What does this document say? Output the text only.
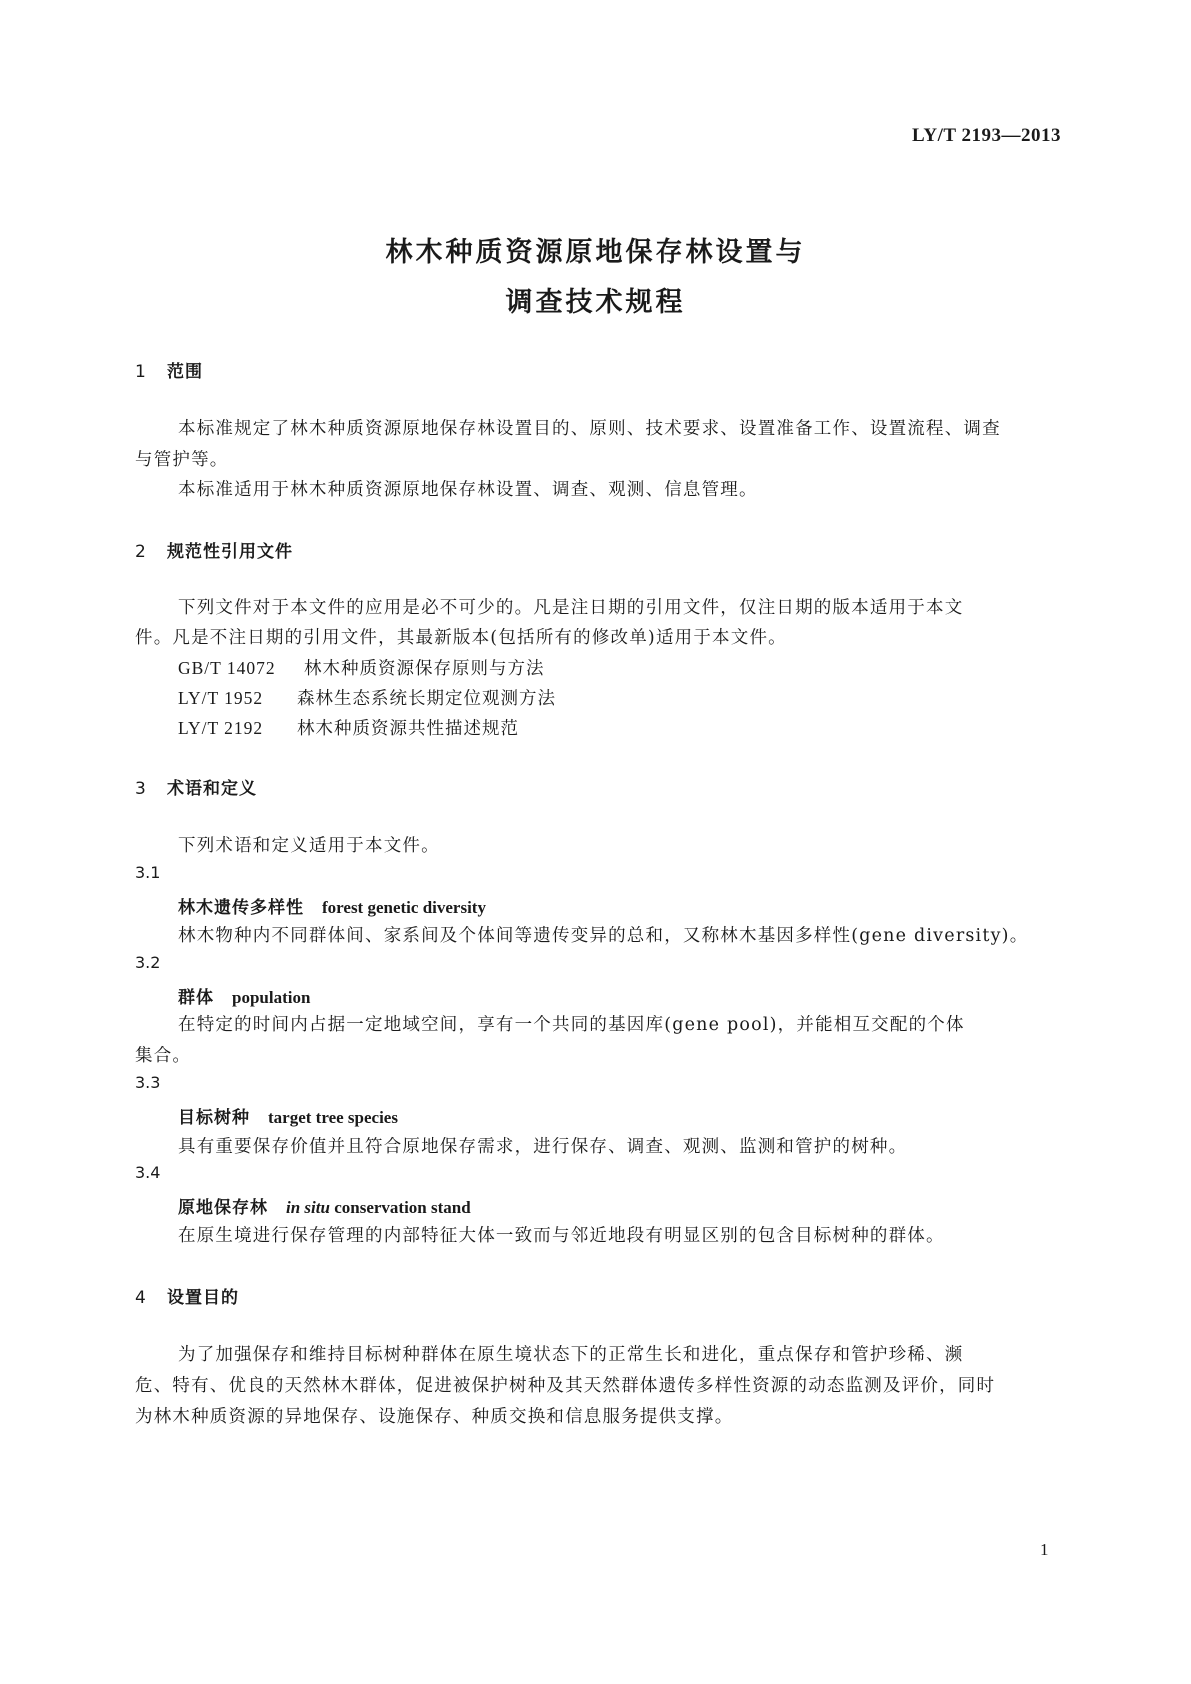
LY/T 2193—2013
林木种质资源原地保存林设置与
调查技术规程
1 范围
本标准规定了林木种质资源原地保存林设置目的、原则、技术要求、设置准备工作、设置流程、调查
与管护等。
本标准适用于林木种质资源原地保存林设置、调查、观测、信息管理。
2 规范性引用文件
下列文件对于本文件的应用是必不可少的。凡是注日期的引用文件，仅注日期的版本适用于本文
件。凡是不注日期的引用文件，其最新版本(包括所有的修改单)适用于本文件。
GB/T 14072 林木种质资源保存原则与方法
LY/T 1952 森林生态系统长期定位观测方法
LY/T 2192 林木种质资源共性描述规范
3 术语和定义
下列术语和定义适用于本文件。
3.1
林木遗传多样性 forest genetic diversity
林木物种内不同群体间、家系间及个体间等遗传变异的总和，又称林木基因多样性(gene diversity)。
3.2
群体 population
在特定的时间内占据一定地域空间，享有一个共同的基因库(gene pool)，并能相互交配的个体
集合。
3.3
目标树种 target tree species
具有重要保存价值并且符合原地保存需求，进行保存、调查、观测、监测和管护的树种。
3.4
原地保存林 in situ conservation stand
在原生境进行保存管理的内部特征大体一致而与邻近地段有明显区别的包含目标树种的群体。
4 设置目的
为了加强保存和维持目标树种群体在原生境状态下的正常生长和进化，重点保存和管护珍稀、濒
危、特有、优良的天然林木群体，促进被保护树种及其天然群体遗传多样性资源的动态监测及评价，同时
为林木种质资源的异地保存、设施保存、种质交换和信息服务提供支撑。
1
